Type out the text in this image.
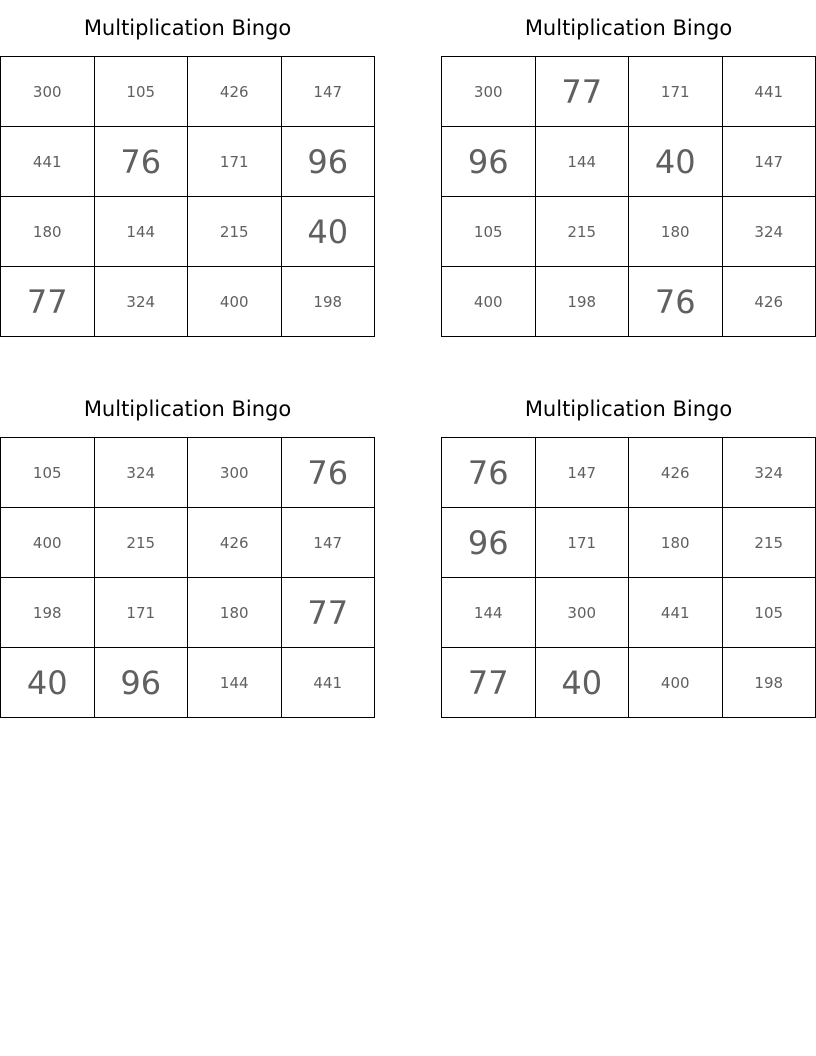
Multiplication Bingo
300	105	426	147
441	76	171	96
180	144	215	40
77	324	400	198
Multiplication Bingo
300	77	171	441
96	144	40	147
105	215	180	324
400	198	76	426
Multiplication Bingo
105	324	300	76
400	215	426	147
198	171	180	77
40	96	144	441
Multiplication Bingo
76	147	426	324
96	171	180	215
144	300	441	105
77	40	400	198
